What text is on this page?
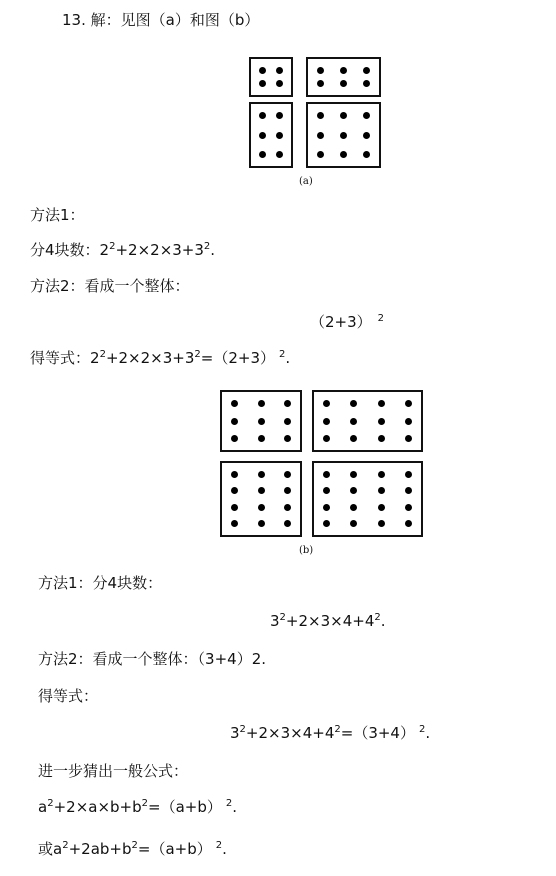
13. 解：见图（a）和图（b）
(a)
方法1：
分4块数：$2^2+2\times 2\times 3+3^2$.
方法2：看成一个整体：
（2+3） $^2$
得等式：$2^2+2\times 2\times 3+3^2=(2+3)$ $^2$.
(b)
方法1：分4块数：
$3^2+2\times 3\times 4+4^2$.
方法2：看成一个整体：（3+4）2.
得等式：
$3^2+2\times 3\times 4+4^2=(3+4)$ $^2$.
进一步猜出一般公式：
$a^2+2\times a\times b+b^2=(a+b)$ $^2$.
或$a^2+2ab+b^2=(a+b)$ $^2$.
